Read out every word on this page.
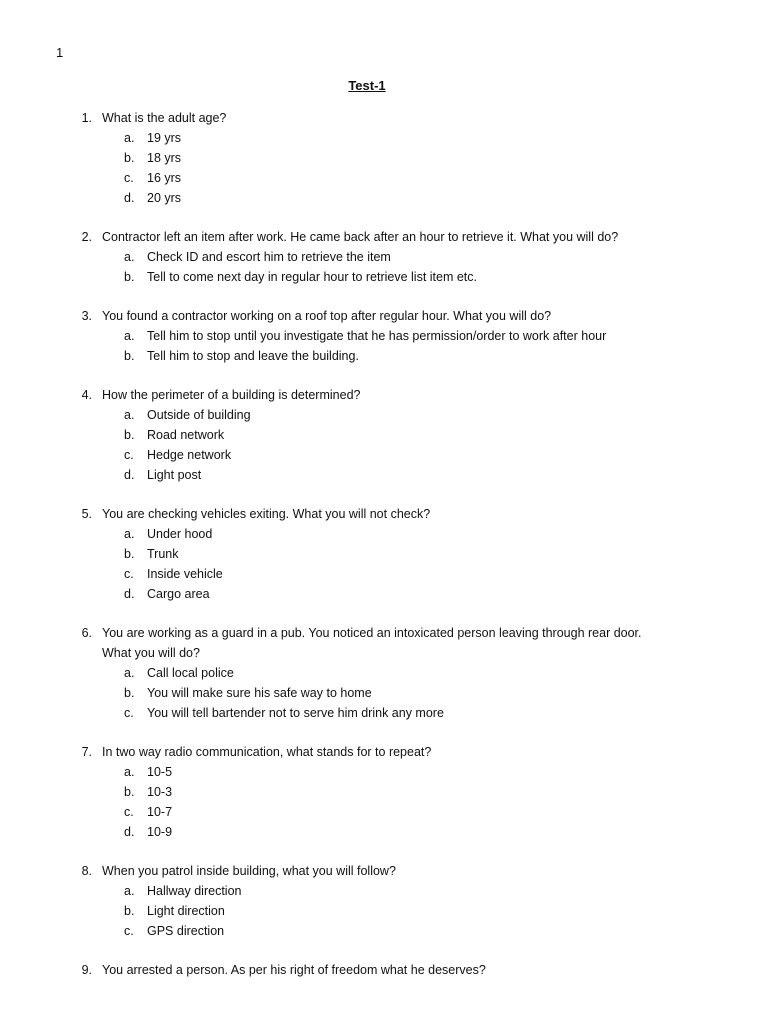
1
Test-1
1. What is the adult age?
a. 19 yrs
b. 18 yrs
c. 16 yrs
d. 20 yrs
2. Contractor left an item after work. He came back after an hour to retrieve it. What you will do?
a. Check ID and escort him to retrieve the item
b. Tell to come next day in regular hour to retrieve list item etc.
3. You found a contractor working on a roof top after regular hour. What you will do?
a. Tell him to stop until you investigate that he has permission/order to work after hour
b. Tell him to stop and leave the building.
4. How the perimeter of a building is determined?
a. Outside of building
b. Road network
c. Hedge network
d. Light post
5. You are checking vehicles exiting. What you will not check?
a. Under hood
b. Trunk
c. Inside vehicle
d. Cargo area
6. You are working as a guard in a pub. You noticed an intoxicated person leaving through rear door.
What you will do?
a. Call local police
b. You will make sure his safe way to home
c. You will tell bartender not to serve him drink any more
7. In two way radio communication, what stands for to repeat?
a. 10-5
b. 10-3
c. 10-7
d. 10-9
8. When you patrol inside building, what you will follow?
a. Hallway direction
b. Light direction
c. GPS direction
9. You arrested a person. As per his right of freedom what he deserves?
